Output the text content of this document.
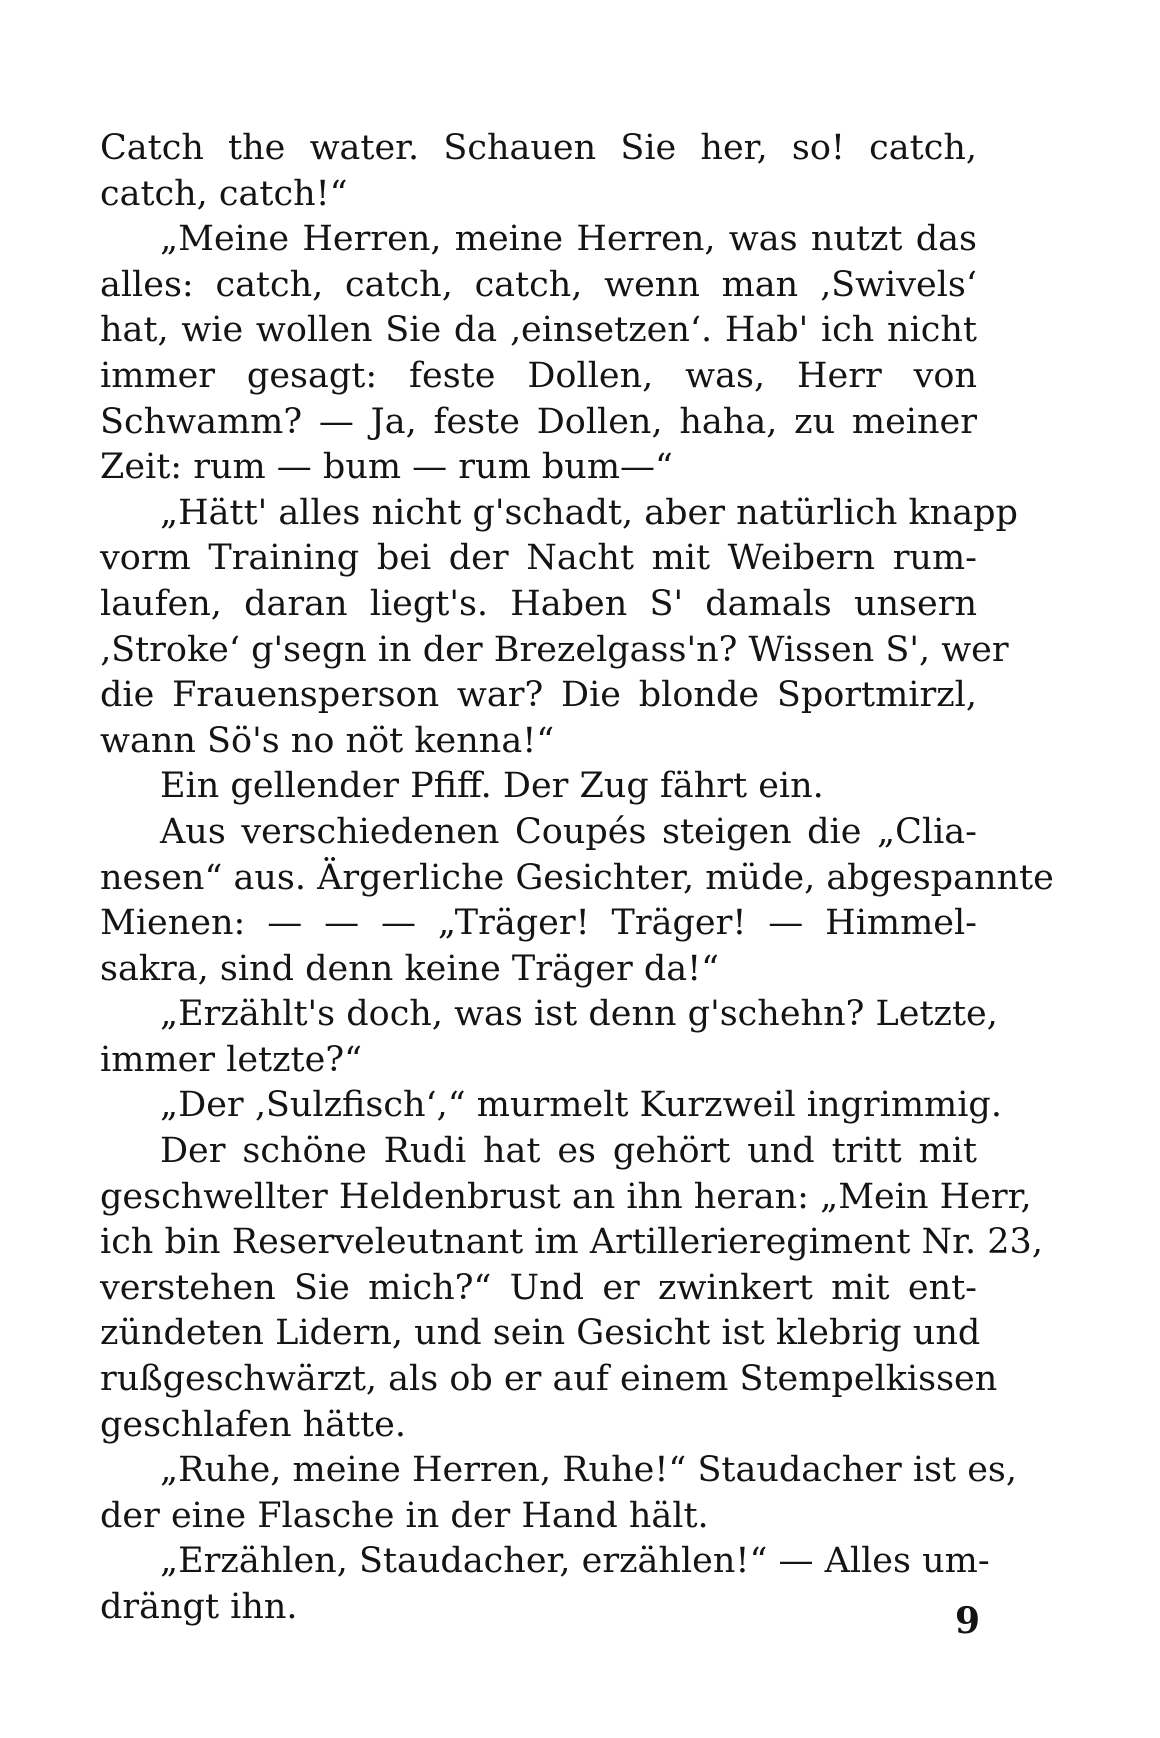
Catch the water. Schauen Sie her, so! catch,
catch, catch!“
„Meine Herren, meine Herren, was nutzt das
alles: catch, catch, catch, wenn man ‚Swivels‘
hat, wie wollen Sie da ‚einsetzen‘. Hab' ich nicht
immer gesagt: feste Dollen, was, Herr von
Schwamm? — Ja, feste Dollen, haha, zu meiner
Zeit: rum — bum — rum bum—“
„Hätt' alles nicht g'schadt, aber natürlich knapp
vorm Training bei der Nacht mit Weibern rum-
laufen, daran liegt's. Haben S' damals unsern
‚Stroke‘ g'segn in der Brezelgass'n? Wissen S', wer
die Frauensperson war? Die blonde Sportmirzl,
wann Sö's no nöt kenna!“
Ein gellender Pfiff. Der Zug fährt ein.
Aus verschiedenen Coupés steigen die „Clia-
nesen“ aus. Ärgerliche Gesichter, müde, abgespannte
Mienen: — — — „Träger! Träger! — Himmel-
sakra, sind denn keine Träger da!“
„Erzählt's doch, was ist denn g'schehn? Letzte,
immer letzte?“
„Der ‚Sulzfisch‘,“ murmelt Kurzweil ingrimmig.
Der schöne Rudi hat es gehört und tritt mit
geschwellter Heldenbrust an ihn heran: „Mein Herr,
ich bin Reserveleutnant im Artillerieregiment Nr. 23,
verstehen Sie mich?“ Und er zwinkert mit ent-
zündeten Lidern, und sein Gesicht ist klebrig und
rußgeschwärzt, als ob er auf einem Stempelkissen
geschlafen hätte.
„Ruhe, meine Herren, Ruhe!“ Staudacher ist es,
der eine Flasche in der Hand hält.
„Erzählen, Staudacher, erzählen!“ — Alles um-
drängt ihn.	9
